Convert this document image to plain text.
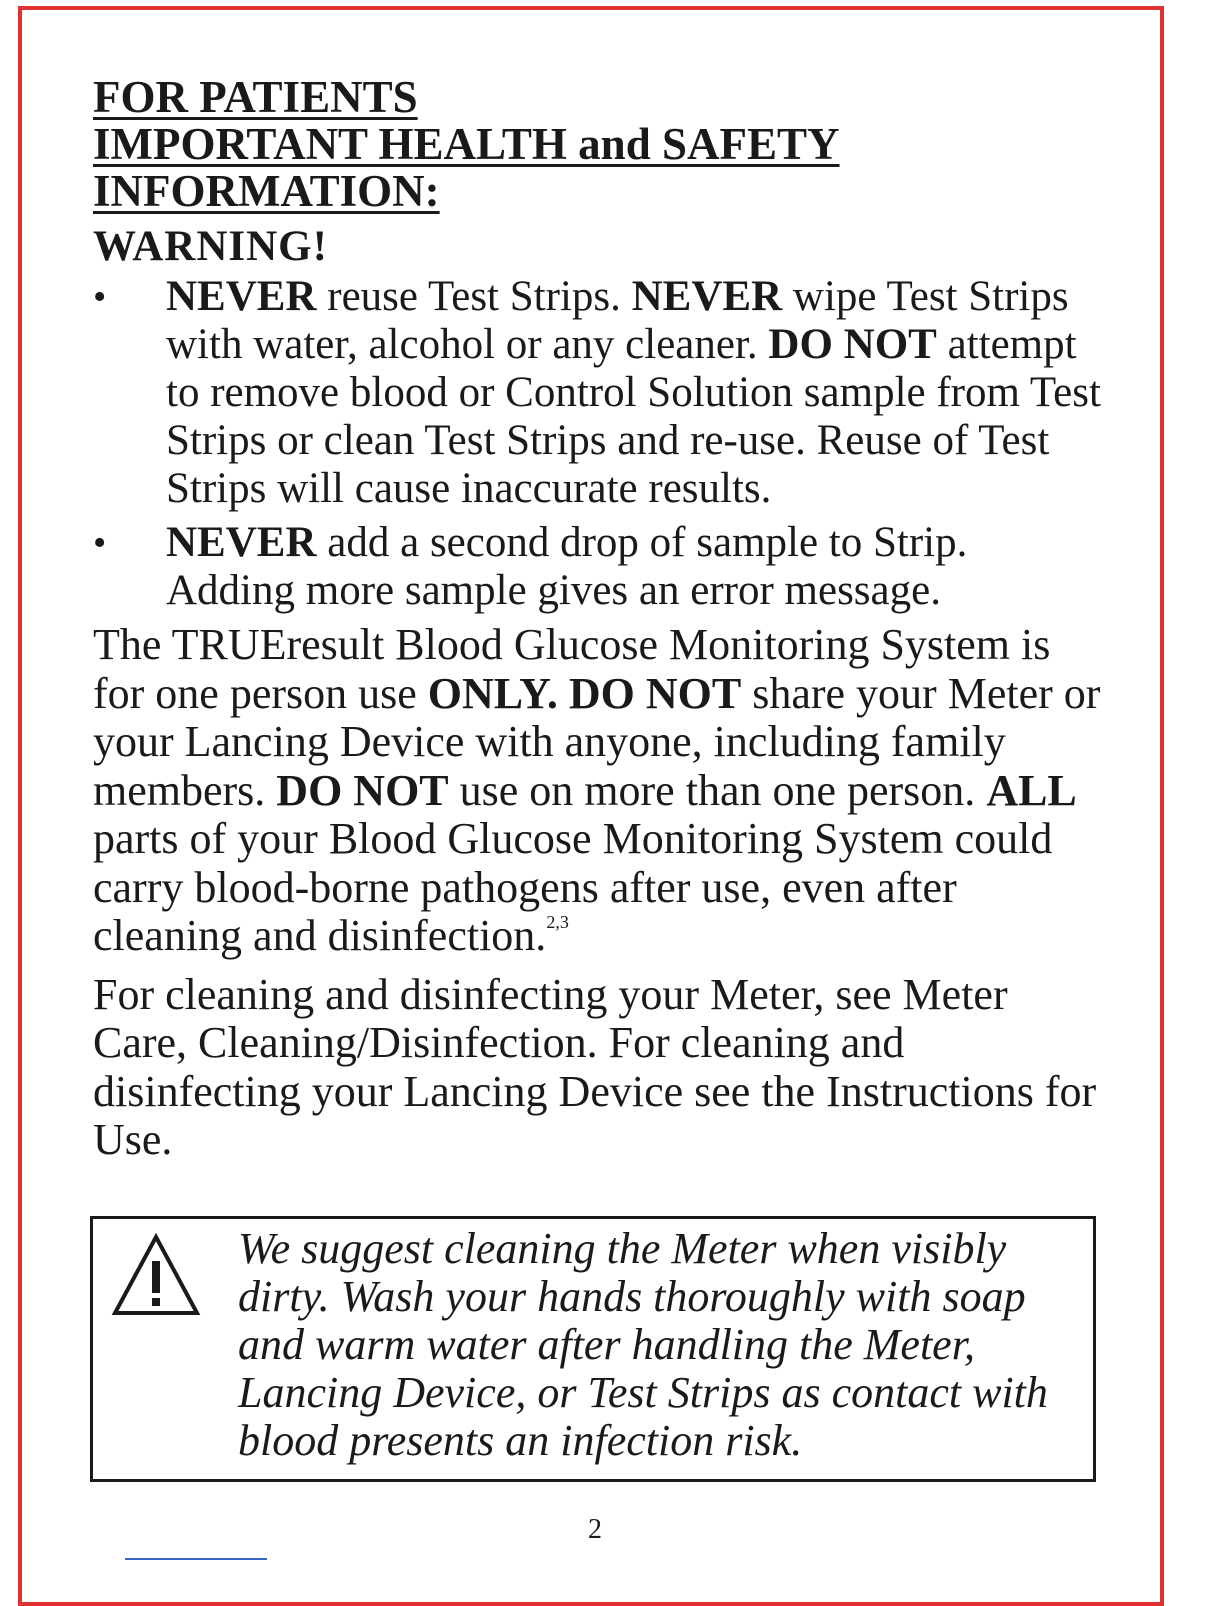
FOR PATIENTS
IMPORTANT HEALTH and SAFETY
INFORMATION:

WARNING!

• NEVER reuse Test Strips. NEVER wipe Test Strips with water, alcohol or any cleaner. DO NOT attempt to remove blood or Control Solution sample from Test Strips or clean Test Strips and re-use. Reuse of Test Strips will cause inaccurate results.
• NEVER add a second drop of sample to Strip. Adding more sample gives an error message.

The TRUEresult Blood Glucose Monitoring System is for one person use ONLY. DO NOT share your Meter or your Lancing Device with anyone, including family members. DO NOT use on more than one person. ALL parts of your Blood Glucose Monitoring System could carry blood-borne pathogens after use, even after cleaning and disinfection.$^{2,3}$

For cleaning and disinfecting your Meter, see Meter Care, Cleaning/Disinfection. For cleaning and disinfecting your Lancing Device see the Instructions for Use.

We suggest cleaning the Meter when visibly dirty. Wash your hands thoroughly with soap and warm water after handling the Meter, Lancing Device, or Test Strips as contact with blood presents an infection risk.
2
